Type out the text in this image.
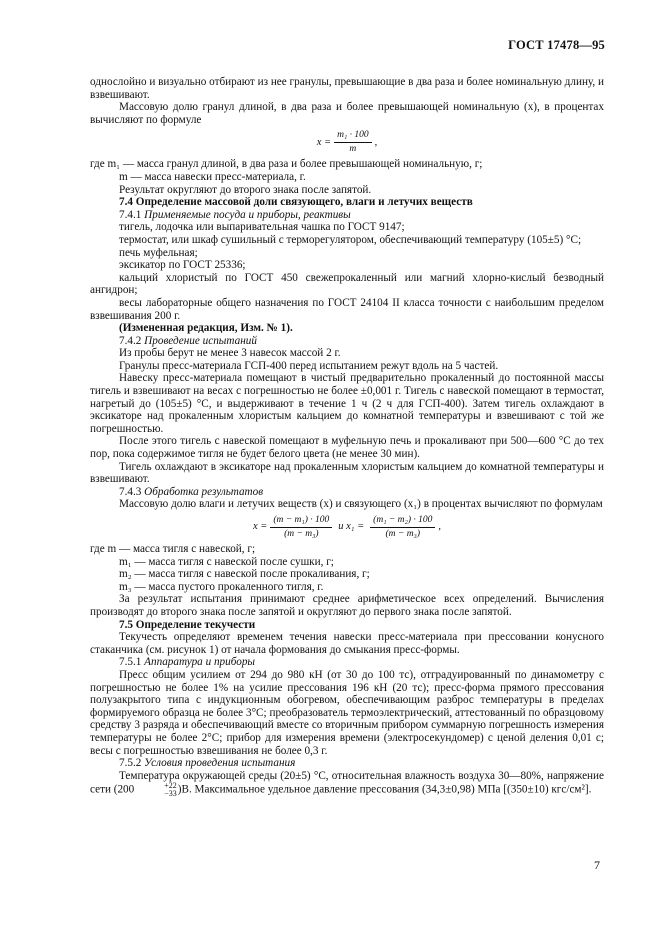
ГОСТ 17478—95

однослойно и визуально отбирают из нее гранулы, превышающие в два раза и более номинальную длину, и взвешивают.

Массовую долю гранул длиной, в два раза и более превышающей номинальную (x), в процентах вычисляют по формуле

$x = \frac{\text{m₁ · 100}}{m}$ ,

где m₁ — масса гранул длиной, в два раза и более превышающей номинальную, г;

m — масса навески пресс-материала, г.

Результат округляют до второго знака после запятой.

7.4 Определение массовой доли связующего, влаги и летучих веществ

7.4.1 Применяемые посуда и приборы, реактивы

тигель, лодочка или выпаривательная чашка по ГОСТ 9147;

термостат, или шкаф сушильный с терморегулятором, обеспечивающий температуру (105±5) °С;

печь муфельная;

эксикатор по ГОСТ 25336;

кальций хлористый по ГОСТ 450 свежепрокаленный или магний хлорно-кислый безводный ангидрон;

весы лабораторные общего назначения по ГОСТ 24104 II класса точности с наибольшим пределом взвешивания 200 г.

(Измененная редакция, Изм. № 1).

7.4.2 Проведение испытаний

Из пробы берут не менее 3 навесок массой 2 г.

Гранулы пресс-материала ГСП-400 перед испытанием режут вдоль на 5 частей.

Навеску пресс-материала помещают в чистый предварительно прокаленный до постоянной массы тигель и взвешивают на весах с погрешностью не более ±0,001 г. Тигель с навеской помещают в термостат, нагретый до (105±5) °С, и выдерживают в течение 1 ч (2 ч для ГСП-400). Затем тигель охлаждают в эксикаторе над прокаленным хлористым кальцием до комнатной температуры и взвешивают с той же погрешностью.

После этого тигель с навеской помещают в муфельную печь и прокаливают при 500—600 °С до тех пор, пока содержимое тигля не будет белого цвета (не менее 30 мин).

Тигель охлаждают в эксикаторе над прокаленным хлористым кальцием до комнатной температуры и взвешивают.

7.4.3 Обработка результатов

Массовую долю влаги и летучих веществ (x) и связующего (x₁) в процентах вычисляют по формулам

$x = \frac{\text{(m − m₁) · 100}}{\text{(m − m₃)}}$ и $x_1 = \frac{\text{(m₁ − m₂) · 100}}{\text{(m − m₃)}}$ ,

где m — масса тигля с навеской, г;

m₁ — масса тигля с навеской после сушки, г;

m₂ — масса тигля с навеской после прокаливания, г;

m₃ — масса пустого прокаленного тигля, г.

За результат испытания принимают среднее арифметическое всех определений. Вычисления производят до второго знака после запятой и округляют до первого знака после запятой.

7.5 Определение текучести

Текучесть определяют временем течения навески пресс-материала при прессовании конусного стаканчика (см. рисунок 1) от начала формования до смыкания пресс-формы.

7.5.1 Аппаратура и приборы

Пресс общим усилием от 294 до 980 кН (от 30 до 100 тс), отградуированный по динамометру с погрешностью не более 1% на усилие прессования 196 кН (20 тс); пресс-форма прямого прессования полузакрытого типа с индукционным обогревом, обеспечивающим разброс температуры в пределах формируемого образца не более 3°С; преобразователь термоэлектрический, аттестованный по образцовому средству 3 разряда и обеспечивающий вместе со вторичным прибором суммарную погрешность измерения температуры не более 2°С; прибор для измерения времени (электросекундомер) с ценой деления 0,01 с; весы с погрешностью взвешивания не более 0,3 г.

7.5.2 Условия проведения испытания

Температура окружающей среды (20±5) °С, относительная влажность воздуха 30—80%, напряжение сети (200	+22
−33 )В. Максимальное удельное давление прессования (34,3±0,98) МПа [(350±10) кгс/см²].

7
